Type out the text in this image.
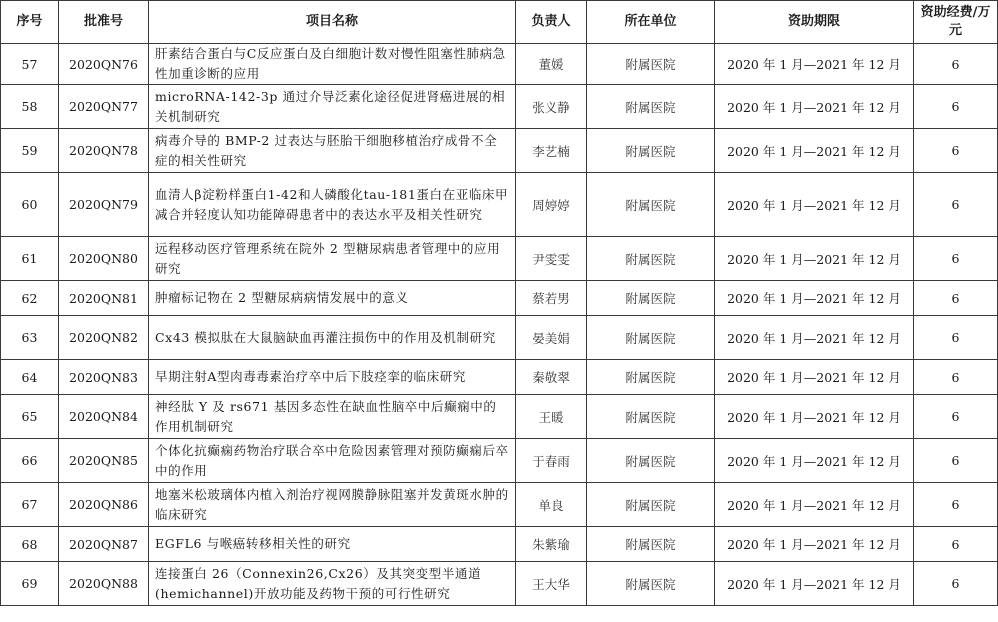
序号	批准号	项目名称	负责人	所在单位	资助期限	资助经费/万元
57	2020QN76	肝素结合蛋白与C反应蛋白及白细胞计数对慢性阻塞性肺病急性加重诊断的应用	董媛	附属医院	2020 年 1 月—2021 年 12 月	6
58	2020QN77	microRNA-142-3p 通过介导泛素化途径促进肾癌进展的相关机制研究	张义静	附属医院	2020 年 1 月—2021 年 12 月	6
59	2020QN78	病毒介导的 BMP-2 过表达与胚胎干细胞移植治疗成骨不全症的相关性研究	李艺楠	附属医院	2020 年 1 月—2021 年 12 月	6
60	2020QN79	血清人β淀粉样蛋白1-42和人磷酸化tau-181蛋白在亚临床甲减合并轻度认知功能障碍患者中的表达水平及相关性研究	周婷婷	附属医院	2020 年 1 月—2021 年 12 月	6
61	2020QN80	远程移动医疗管理系统在院外 2 型糖尿病患者管理中的应用研究	尹雯雯	附属医院	2020 年 1 月—2021 年 12 月	6
62	2020QN81	肿瘤标记物在 2 型糖尿病病情发展中的意义	蔡若男	附属医院	2020 年 1 月—2021 年 12 月	6
63	2020QN82	Cx43 模拟肽在大鼠脑缺血再灌注损伤中的作用及机制研究	晏美娟	附属医院	2020 年 1 月—2021 年 12 月	6
64	2020QN83	早期注射A型肉毒毒素治疗卒中后下肢痉挛的临床研究	秦敬翠	附属医院	2020 年 1 月—2021 年 12 月	6
65	2020QN84	神经肽 Y 及 rs671 基因多态性在缺血性脑卒中后癫痫中的作用机制研究	王暖	附属医院	2020 年 1 月—2021 年 12 月	6
66	2020QN85	个体化抗癫痫药物治疗联合卒中危险因素管理对预防癫痫后卒中的作用	于春雨	附属医院	2020 年 1 月—2021 年 12 月	6
67	2020QN86	地塞米松玻璃体内植入剂治疗视网膜静脉阻塞并发黄斑水肿的临床研究	单良	附属医院	2020 年 1 月—2021 年 12 月	6
68	2020QN87	EGFL6 与喉癌转移相关性的研究	朱紫瑜	附属医院	2020 年 1 月—2021 年 12 月	6
69	2020QN88	连接蛋白 26（Connexin26,Cx26）及其突变型半通道(hemichannel)开放功能及药物干预的可行性研究	王大华	附属医院	2020 年 1 月—2021 年 12 月	6
